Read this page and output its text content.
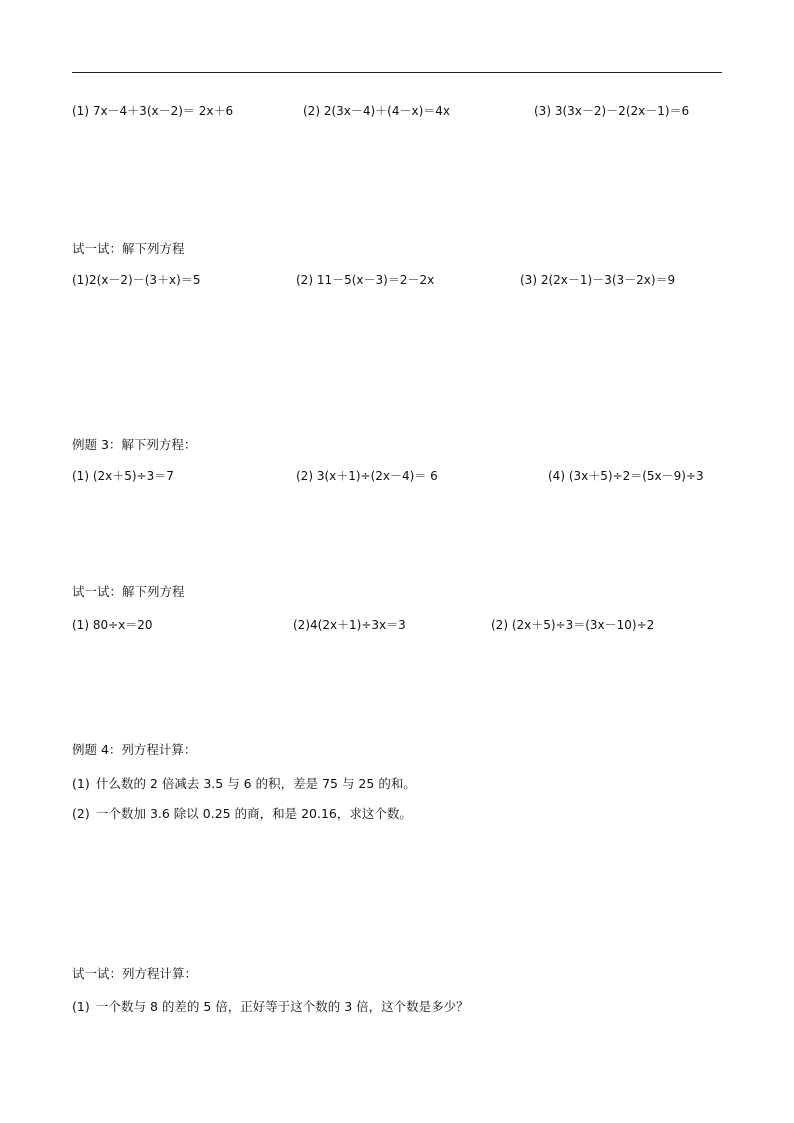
(1) 7x－4＋3(x－2)＝ 2x＋6	(2) 2(3x－4)＋(4－x)＝4x	(3) 3(3x－2)－2(2x－1)＝6
试一试：解下列方程
(1)2(x－2)－(3＋x)＝5	(2) 11－5(x－3)＝2－2x	(3) 2(2x－1)－3(3－2x)＝9
例题 3：解下列方程：
(1) (2x＋5)÷3＝7	(2) 3(x＋1)÷(2x－4)＝ 6	(4) (3x＋5)÷2＝(5x－9)÷3
试一试：解下列方程
(1) 80÷x＝20	(2)4(2x＋1)÷3x＝3	(2) (2x＋5)÷3＝(3x－10)÷2
例题 4：列方程计算：
(1) 什么数的 2 倍减去 3.5 与 6 的积，差是 75 与 25 的和。
(2) 一个数加 3.6 除以 0.25 的商，和是 20.16，求这个数。
试一试：列方程计算：
(1) 一个数与 8 的差的 5 倍，正好等于这个数的 3 倍，这个数是多少？
